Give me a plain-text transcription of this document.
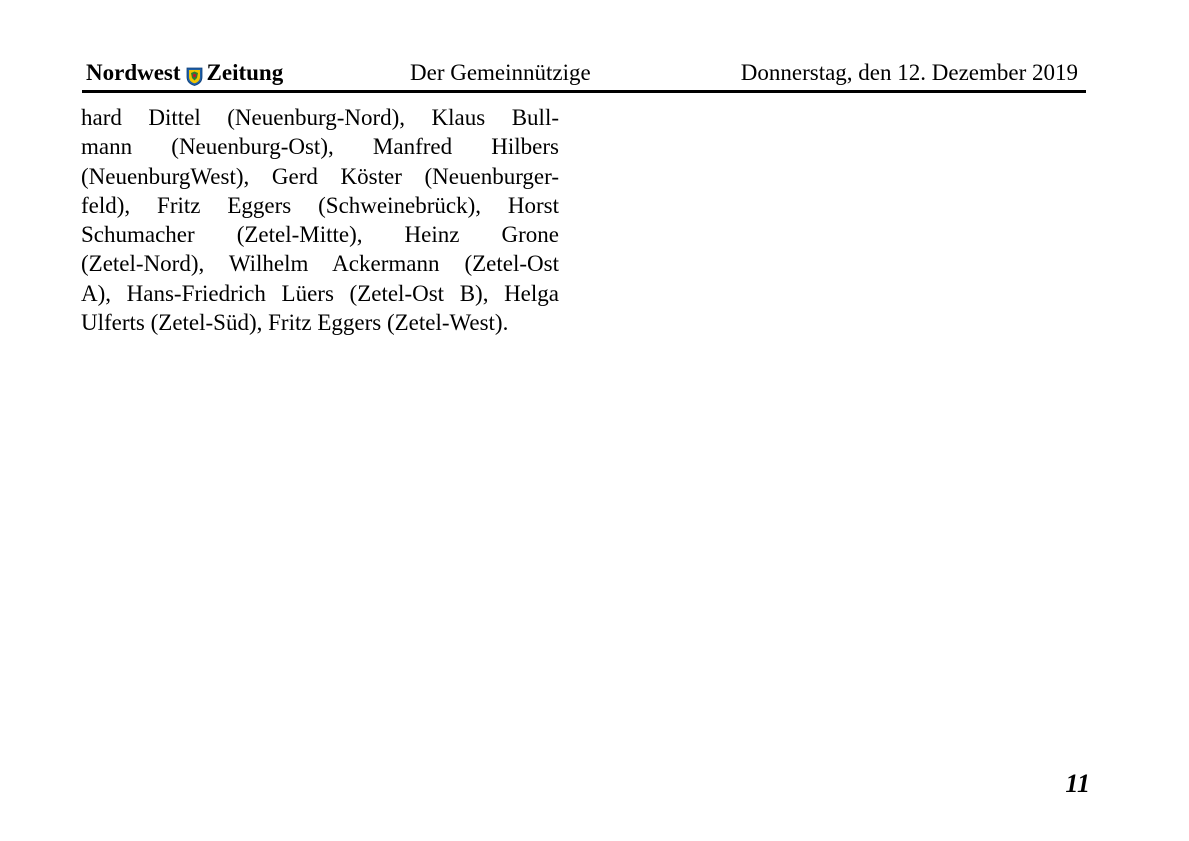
Nordwest Zeitung	Der Gemeinnützige	Donnerstag, den 12. Dezember 2019
hard Dittel (Neuenburg-Nord), Klaus Bull-
mann (Neuenburg-Ost), Manfred Hilbers
(NeuenburgWest), Gerd Köster (Neuenburger-
feld), Fritz Eggers (Schweinebrück), Horst
Schumacher (Zetel-Mitte), Heinz Grone
(Zetel-Nord), Wilhelm Ackermann (Zetel-Ost
A), Hans-Friedrich Lüers (Zetel-Ost B), Helga
Ulferts (Zetel-Süd), Fritz Eggers (Zetel-West).
11
